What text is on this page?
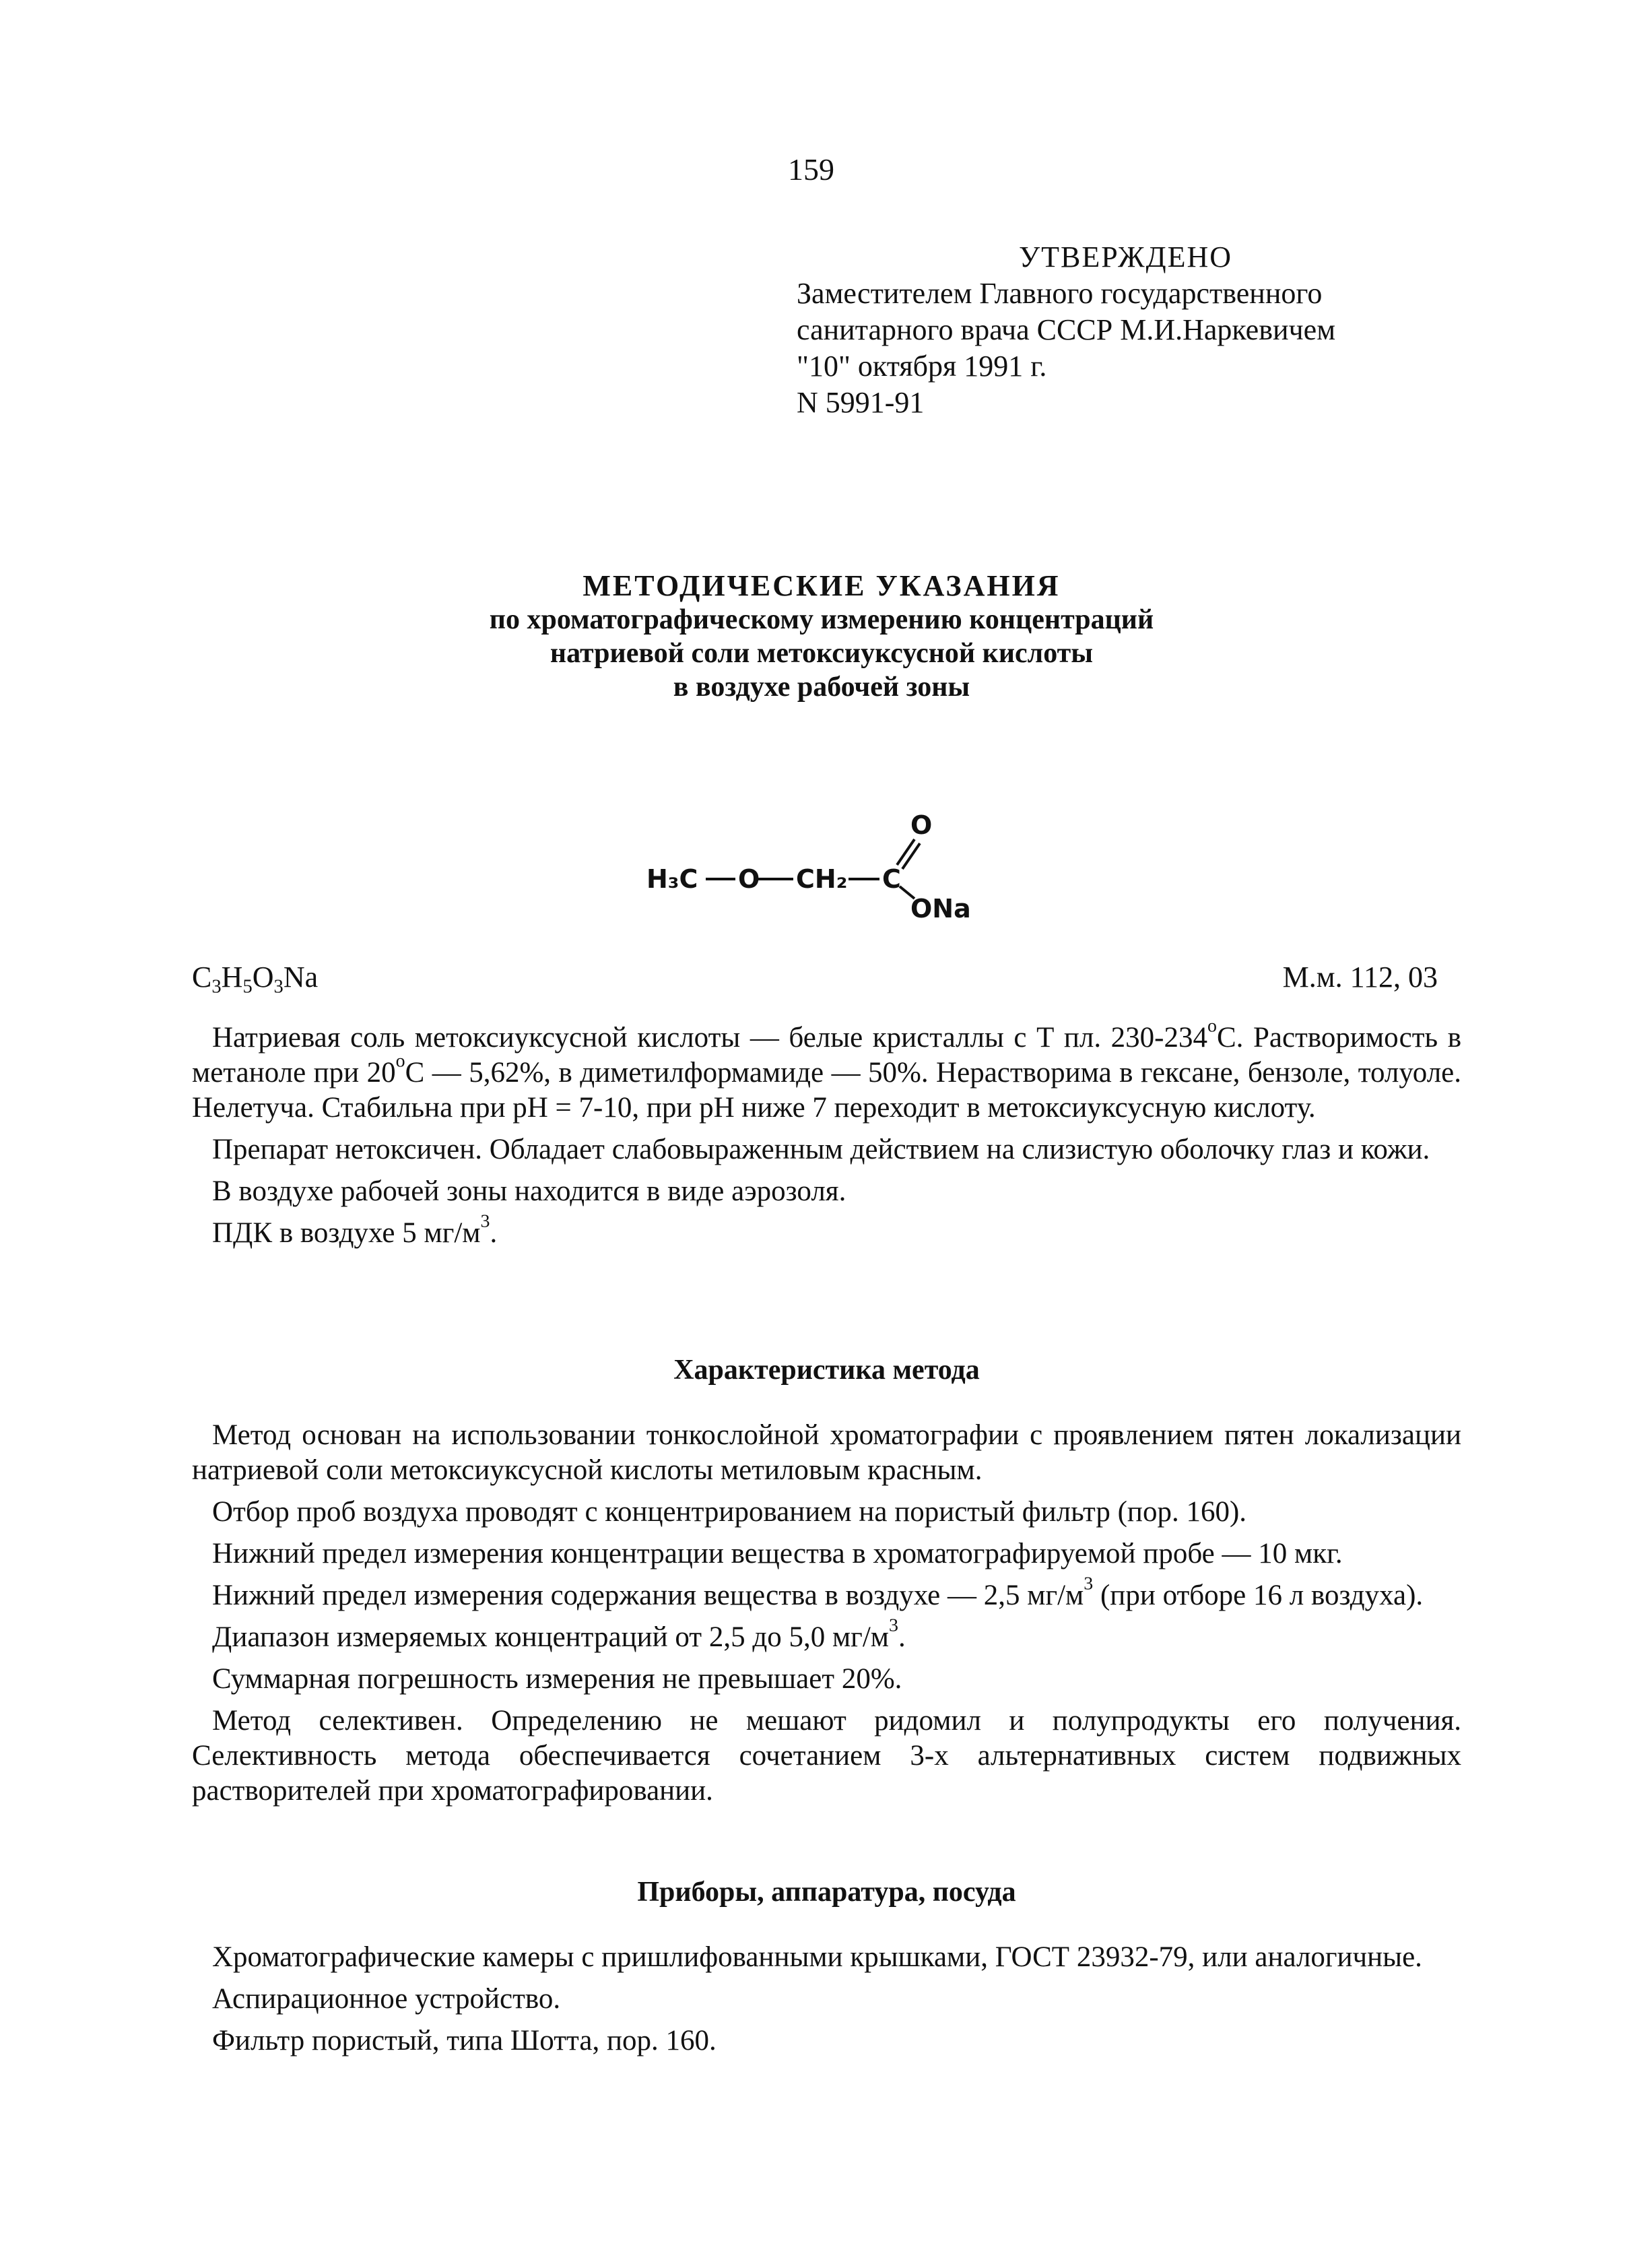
159
УТВЕРЖДЕНО
Заместителем Главного государственного
санитарного врача СССР М.И.Наркевичем
"10" октября 1991 г.
N 5991-91
МЕТОДИЧЕСКИЕ УКАЗАНИЯ
по хроматографическому измерению концентраций
натриевой соли метоксиуксусной кислоты
в воздухе рабочей зоны
H₃C O CH₂ C
O
ONa
$C_3H_5O_3Na$	М.м. 112, 03

Натриевая соль метоксиуксусной кислоты — белые кристаллы с Т пл. $230-234^оС$. Растворимость в метаноле при $20^оС$ — 5,62%, в диметилформамиде — 50%. Нерастворима в гексане, бензоле, толуоле. Нелетуча. Стабильна при рН = 7-10, при рН ниже 7 переходит в метоксиуксусную кислоту.

Препарат нетоксичен. Обладает слабовыраженным действием на слизистую оболочку глаз и кожи.

В воздухе рабочей зоны находится в виде аэрозоля.

ПДК в воздухе 5 $мг/м^3$.

Характеристика метода

Метод основан на использовании тонкослойной хроматографии с проявлением пятен локализации натриевой соли метоксиуксусной кислоты метиловым красным.

Отбор проб воздуха проводят с концентрированием на пористый фильтр (пор. 160).

Нижний предел измерения концентрации вещества в хроматографируемой пробе — 10 мкг.

Нижний предел измерения содержания вещества в воздухе — 2,5 $мг/м^3$ (при отборе 16 л воздуха).

Диапазон измеряемых концентраций от 2,5 до 5,0 $мг/м^3$.

Суммарная погрешность измерения не превышает 20%.

Метод селективен. Определению не мешают ридомил и полупродукты его получения. Селективность метода обеспечивается сочетанием 3-х альтернативных систем подвижных растворителей при хроматографировании.

Приборы, аппаратура, посуда

Хроматографические камеры с пришлифованными крышками, ГОСТ 23932-79, или аналогичные.

Аспирационное устройство.

Фильтр пористый, типа Шотта, пор. 160.
